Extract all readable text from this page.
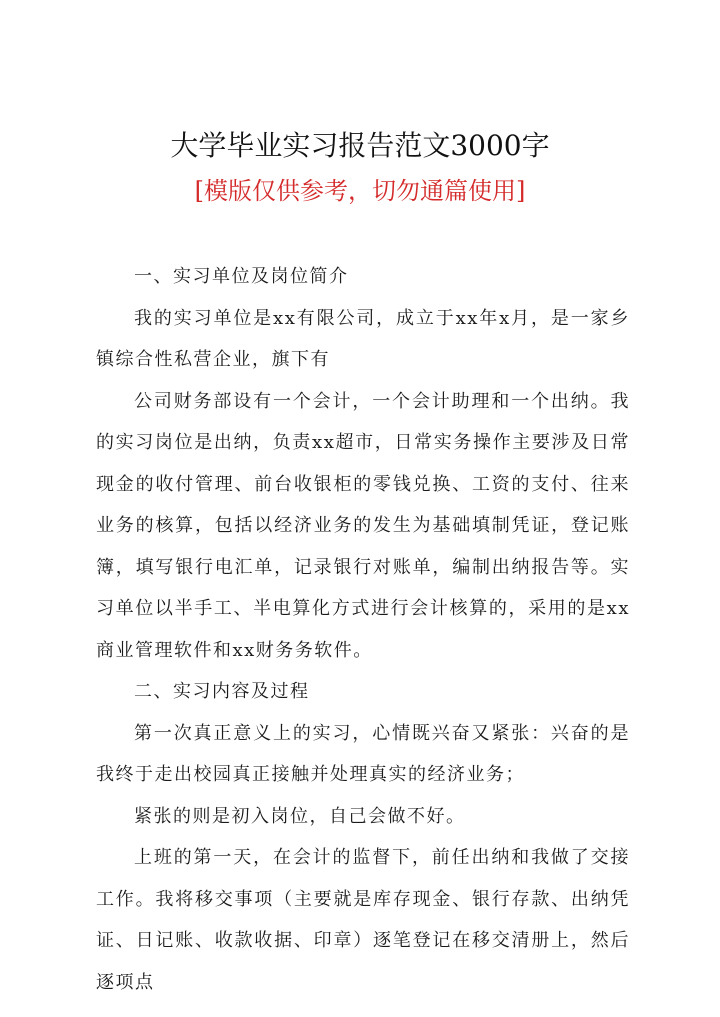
大学毕业实习报告范文3000字
[模版仅供参考，切勿通篇使用]

一、实习单位及岗位简介

我的实习单位是xx有限公司，成立于xx年x月，是一家乡镇综合性私营企业，旗下有

公司财务部设有一个会计，一个会计助理和一个出纳。我的实习岗位是出纳，负责xx超市，日常实务操作主要涉及日常现金的收付管理、前台收银柜的零钱兑换、工资的支付、往来业务的核算，包括以经济业务的发生为基础填制凭证，登记账簿，填写银行电汇单，记录银行对账单，编制出纳报告等。实习单位以半手工、半电算化方式进行会计核算的，采用的是xx商业管理软件和xx财务务软件。

二、实习内容及过程

第一次真正意义上的实习，心情既兴奋又紧张：兴奋的是我终于走出校园真正接触并处理真实的经济业务；

紧张的则是初入岗位，自己会做不好。

上班的第一天，在会计的监督下，前任出纳和我做了交接工作。我将移交事项（主要就是库存现金、银行存款、出纳凭证、日记账、收款收据、印章）逐笔登记在移交清册上，然后逐项点
